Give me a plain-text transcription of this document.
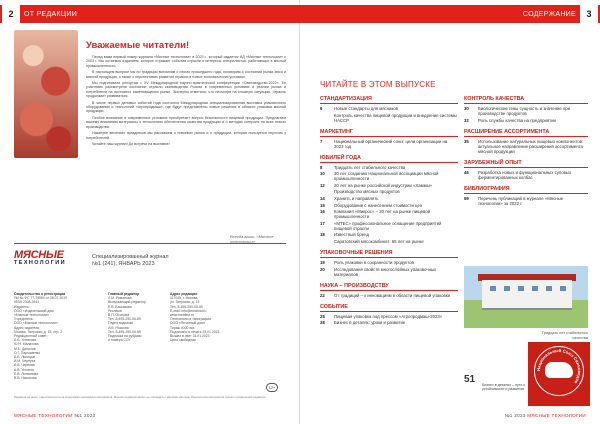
ОТ РЕДАКЦИИ
2
Уважаемые читатели!

Перед вами первый номер журнала «Мясные технологии» в 2023 г., который издается ИД «Мясные технологии» с 2003 г. Мы остаемся изданием, которое отражает события отрасли и интересы специалистов, работающих в мясной промышленности.

В настоящем выпуске мы по традиции вспомним о итогах прошедшего года, поговорим о состоянии рынка мяса и мясной продукции, а также о перспективах развития отрасли в новых экономических условиях.

Мы подготовили репортаж с XV Международной научно-практической конференции «Свиноводство-2022». Ее участники рассмотрели состояние отрасли свиноводства России в современных условиях и реалии рынка и потребителя на постоянно изменяющемся рынке. Эксперты отметили, что несмотря на сложную ситуацию, отрасль продолжает развиваться.

В числе первых деловых событий года состоится Международная специализированная выставка упаковочного оборудования и технологий «Агропродмаш», где будут представлены новые решения в области упаковки мясной продукции.

Особое внимание в современных условиях приобретает вопрос безопасности пищевой продукции. Предлагаем вашему вниманию материалы о технологиях обеспечения качества продукции и о методах контроля на всех этапах производства.

Накануне весенних праздников мы расскажем о новинках рынка и о продукции, которая пользуется спросом у потребителей.

Читайте наш журнал! До встречи на выставке!

Всегда ваши, «Мясные технологии»
МЯСНЫЕ
ТЕХНОЛОГИИ
Специализированный журнал
№1 (241), ЯНВАРЬ 2023
Свидетельство о регистрации
ПИ № ФС 77-75594 от 08.07.2019
ISSN 2308-2941
Издатель:
ООО «Издательский дом
«Мясные технологии»
Учредитель:
ООО «Мясные технологии»
Адрес издателя:
Москва, Тверская, д. 15, стр. 2
Редакционный совет:
А.В. Устинова
Ю.Н. Малахова
М.Б. Данилов
О.Г. Пархоменко
А.Б. Лисицын
И.М. Чернуха
А.В. Чернова
А.В. Устинов
Е.В. Литвинова
В.В. Насонова
Главный редактор
Л.М. Романова
Выпускающий редактор
Е.В. Баскакова
Реклама
В.П. Осипова
Тел. 8-495-250-06-89
Отдел подписки
И.В. Носкова
Тел. 8-495-250-06-89
Подписка на рубрики
и номера ССУ
Адрес редакции
117049, г. Москва,
ул. Тверская, д. 15
Тел. 8-495-250-06-89
E-mail: info@meatind.ru
www.meatind.ru
Отпечатано в типографии
ООО «Печатный дом»
Тираж 4000 экз.
Подписано в печать 25.01.2023
Вышел в свет 31.01.2023
Цена свободная
12+
Редакция не несет ответственности за содержание рекламных материалов. Мнение редакции может не совпадать с мнением авторов. Перепечатка материалов только с разрешения редакции.
МЯСНЫЕ ТЕХНОЛОГИИ №1 2023
СОДЕРЖАНИЕ	3
ЧИТАЙТЕ В ЭТОМ ВЫПУСКЕ
СТАНДАРТИЗАЦИЯ
6	Новые стандарты для мясников
Контроль качества пищевой продукции и внедрение системы НАССР
МАРКЕТИНГ
7	Национальный органический союз: цели организации на 2023 год
ЮБИЛЕЙ ГОДА
8	Тридцать лет стабильного качества
10	30 лет созданию Национальной ассоциации мясной промышленности
12	20 лет на рынке российской индустрии «Хаммы»
Производство мясных продуктов
14	Хранить и направлять
15	Оборудование с нанесением стоимости цен
16	Компания «Микрос» – 20 лет на рынке пищевой промышленности
17	«МТЕС» профессиональное оснащение предприятий пищевой отрасли
18	Известный бренд
Саратовский мясокомбинат: 65 лет на рынке
УПАКОВОЧНЫЕ РЕШЕНИЯ
19	Роль упаковки в сохранности продуктов
20	Исследования свойств многослойных упаковочных материалов
НАУКА – ПРОИЗВОДСТВУ
22	От традиций – к инновациям в области пищевой упаковки
СОБЫТИЕ
25	Пищевая упаковка под прессом «Агропродмаш-2023»
28	Бизнес в деталях: уроки и развитие
КОНТРОЛЬ КАЧЕСТВА
30	Биологические гены сущность и значение при производстве продуктов
32	Роль службы качества на предприятии
РАСШИРЕНИЕ АССОРТИМЕНТА
35	Использование натуральных пищевых компонентов: актуальное направление расширения ассортимента мясной продукции
ЗАРУБЕЖНЫЙ ОПЫТ
46	Разработка новых и функциональных суповых ферментированных колбас
БИБЛИОГРАФИЯ
59	Перечень публикаций в журнале «Мясные технологии» за 2022 г.
Тридцать лет стабильного качества
51 Бизнес в деталях – путь к устойчивости и развитию
Национальный Союз Свиноводов
№1 2023 МЯСНЫЕ ТЕХНОЛОГИИ
